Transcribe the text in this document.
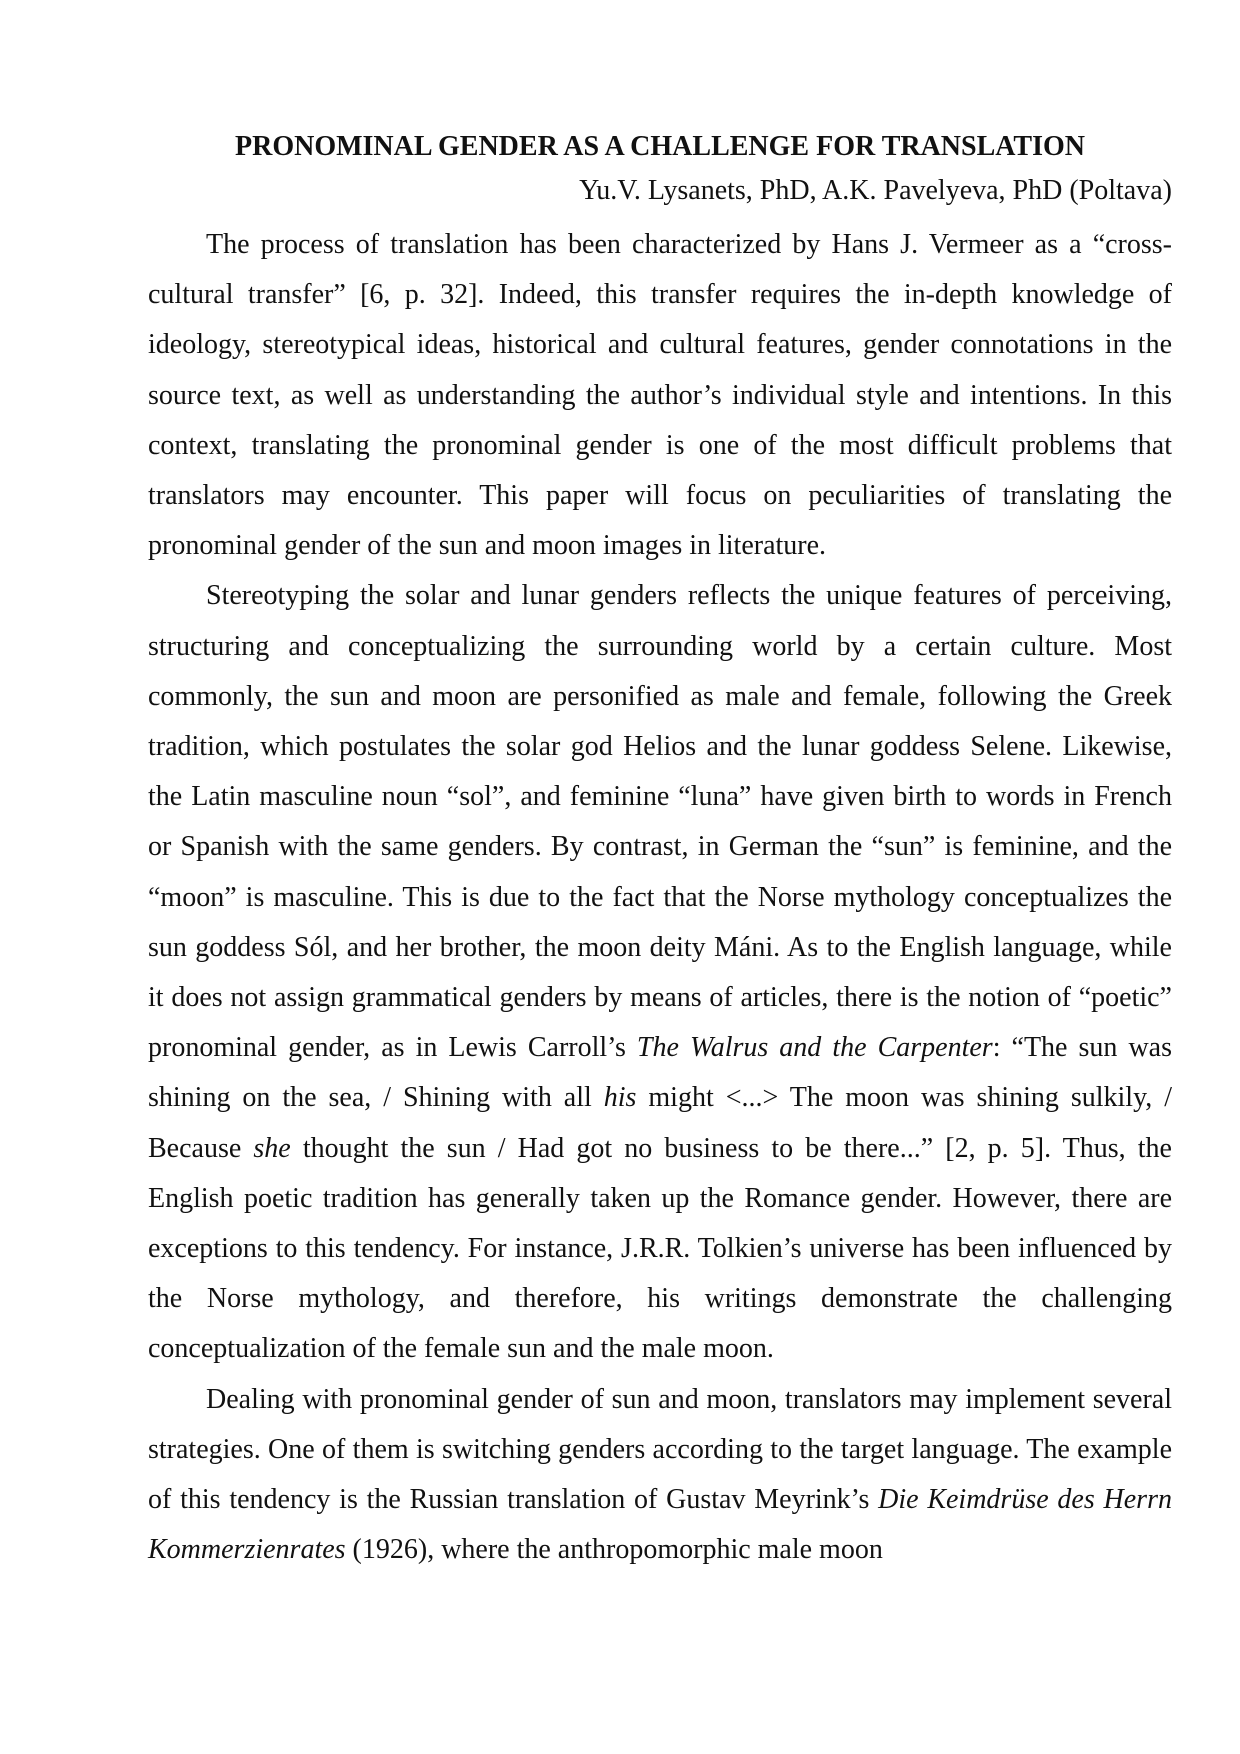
PRONOMINAL GENDER AS A CHALLENGE FOR TRANSLATION
Yu.V. Lysanets, PhD, A.K. Pavelyeva, PhD (Poltava)

The process of translation has been characterized by Hans J. Vermeer as a “cross-cultural transfer” [6, p. 32]. Indeed, this transfer requires the in-depth knowledge of ideology, stereotypical ideas, historical and cultural features, gender connotations in the source text, as well as understanding the author’s individual style and intentions. In this context, translating the pronominal gender is one of the most difficult problems that translators may encounter. This paper will focus on peculiarities of translating the pronominal gender of the sun and moon images in literature.

Stereotyping the solar and lunar genders reflects the unique features of perceiving, structuring and conceptualizing the surrounding world by a certain culture. Most commonly, the sun and moon are personified as male and female, following the Greek tradition, which postulates the solar god Helios and the lunar goddess Selene. Likewise, the Latin masculine noun “sol”, and feminine “luna” have given birth to words in French or Spanish with the same genders. By contrast, in German the “sun” is feminine, and the “moon” is masculine. This is due to the fact that the Norse mythology conceptualizes the sun goddess Sól, and her brother, the moon deity Máni. As to the English language, while it does not assign grammatical genders by means of articles, there is the notion of “poetic” pronominal gender, as in Lewis Carroll’s The Walrus and the Carpenter: “The sun was shining on the sea, / Shining with all his might <...> The moon was shining sulkily, / Because she thought the sun / Had got no business to be there...” [2, p. 5]. Thus, the English poetic tradition has generally taken up the Romance gender. However, there are exceptions to this tendency. For instance, J.R.R. Tolkien’s universe has been influenced by the Norse mythology, and therefore, his writings demonstrate the challenging conceptualization of the female sun and the male moon.

Dealing with pronominal gender of sun and moon, translators may implement several strategies. One of them is switching genders according to the target language. The example of this tendency is the Russian translation of Gustav Meyrink’s Die Keimdrüse des Herrn Kommerzienrates (1926), where the anthropomorphic male moon
